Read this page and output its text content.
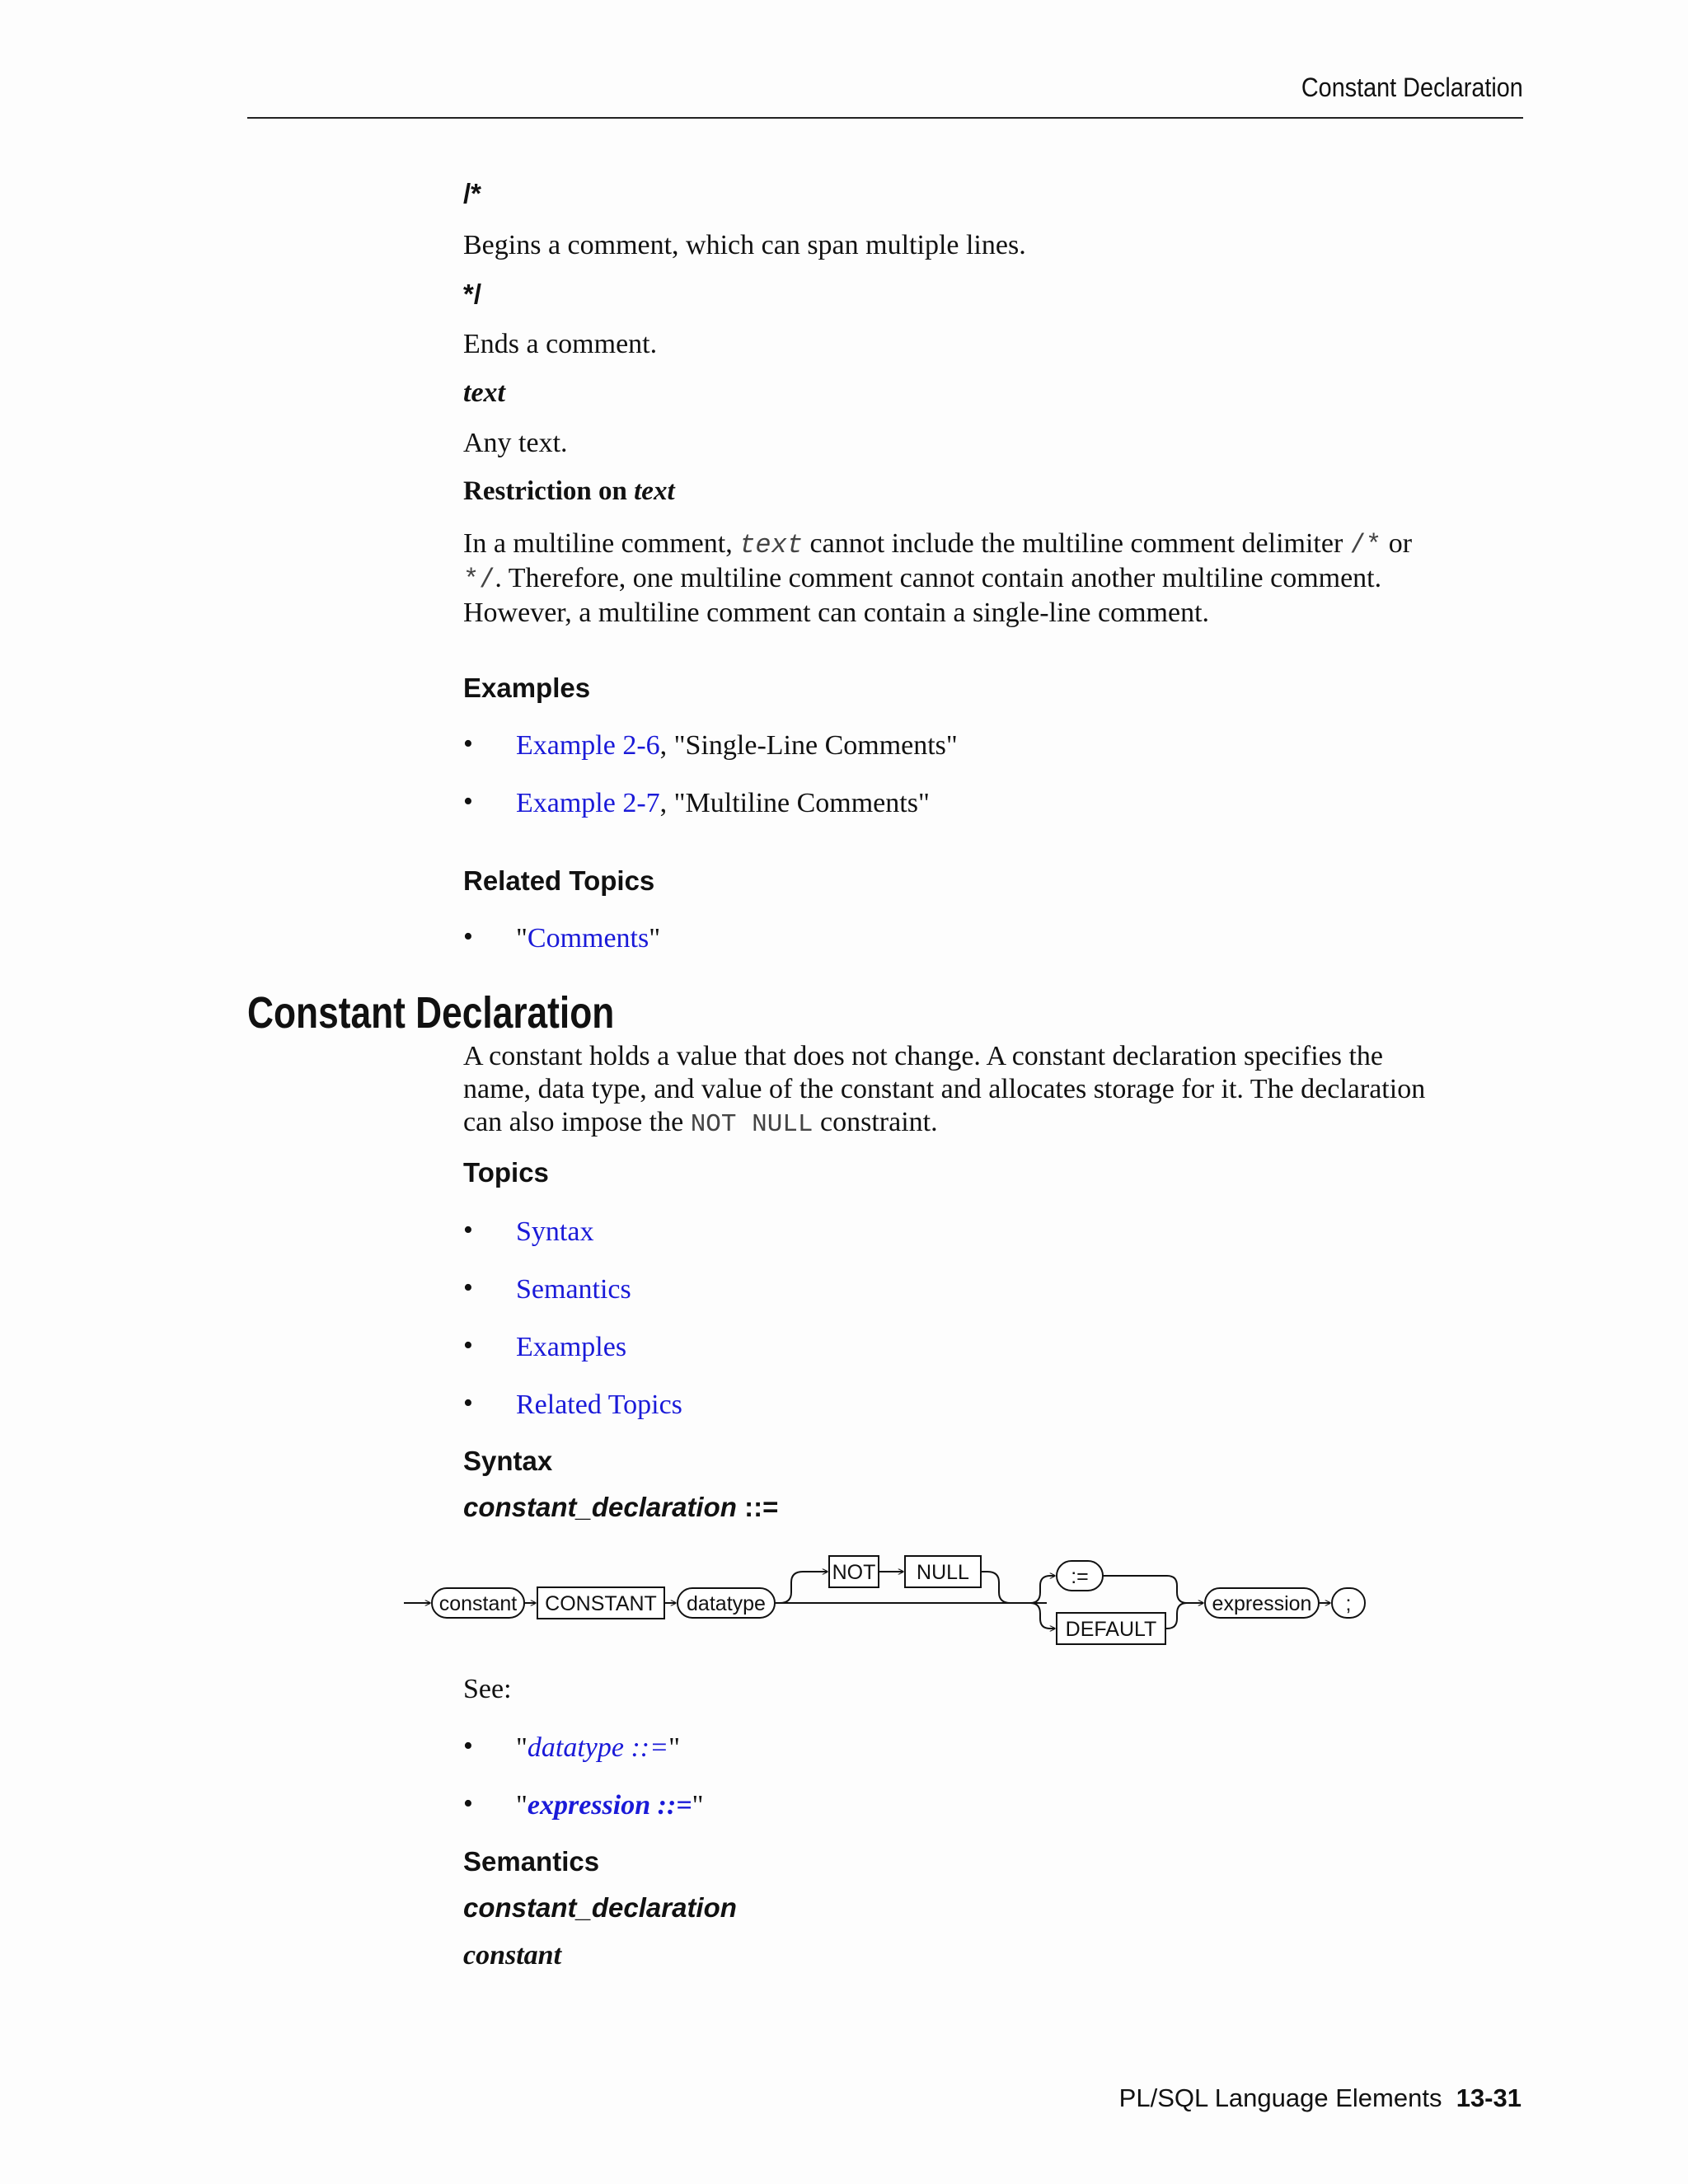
Constant Declaration
/*
Begins a comment, which can span multiple lines.
*/
Ends a comment.
text
Any text.
Restriction on text
In a multiline comment, text cannot include the multiline comment delimiter /* or
*/. Therefore, one multiline comment cannot contain another multiline comment.
However, a multiline comment can contain a single-line comment.
Examples
• Example 2-6, "Single-Line Comments"
• Example 2-7, "Multiline Comments"
Related Topics
• "Comments"
Constant Declaration
A constant holds a value that does not change. A constant declaration specifies the
name, data type, and value of the constant and allocates storage for it. The declaration
can also impose the NOT NULL constraint.
Topics
• Syntax
• Semantics
• Examples
• Related Topics
Syntax
constant_declaration ::=
constant CONSTANT datatype
NOT NULL	:=
DEFAULT
expression ;
See:
• "datatype ::="
• "expression ::="
Semantics
constant_declaration
constant
PL/SQL Language Elements 13-31
